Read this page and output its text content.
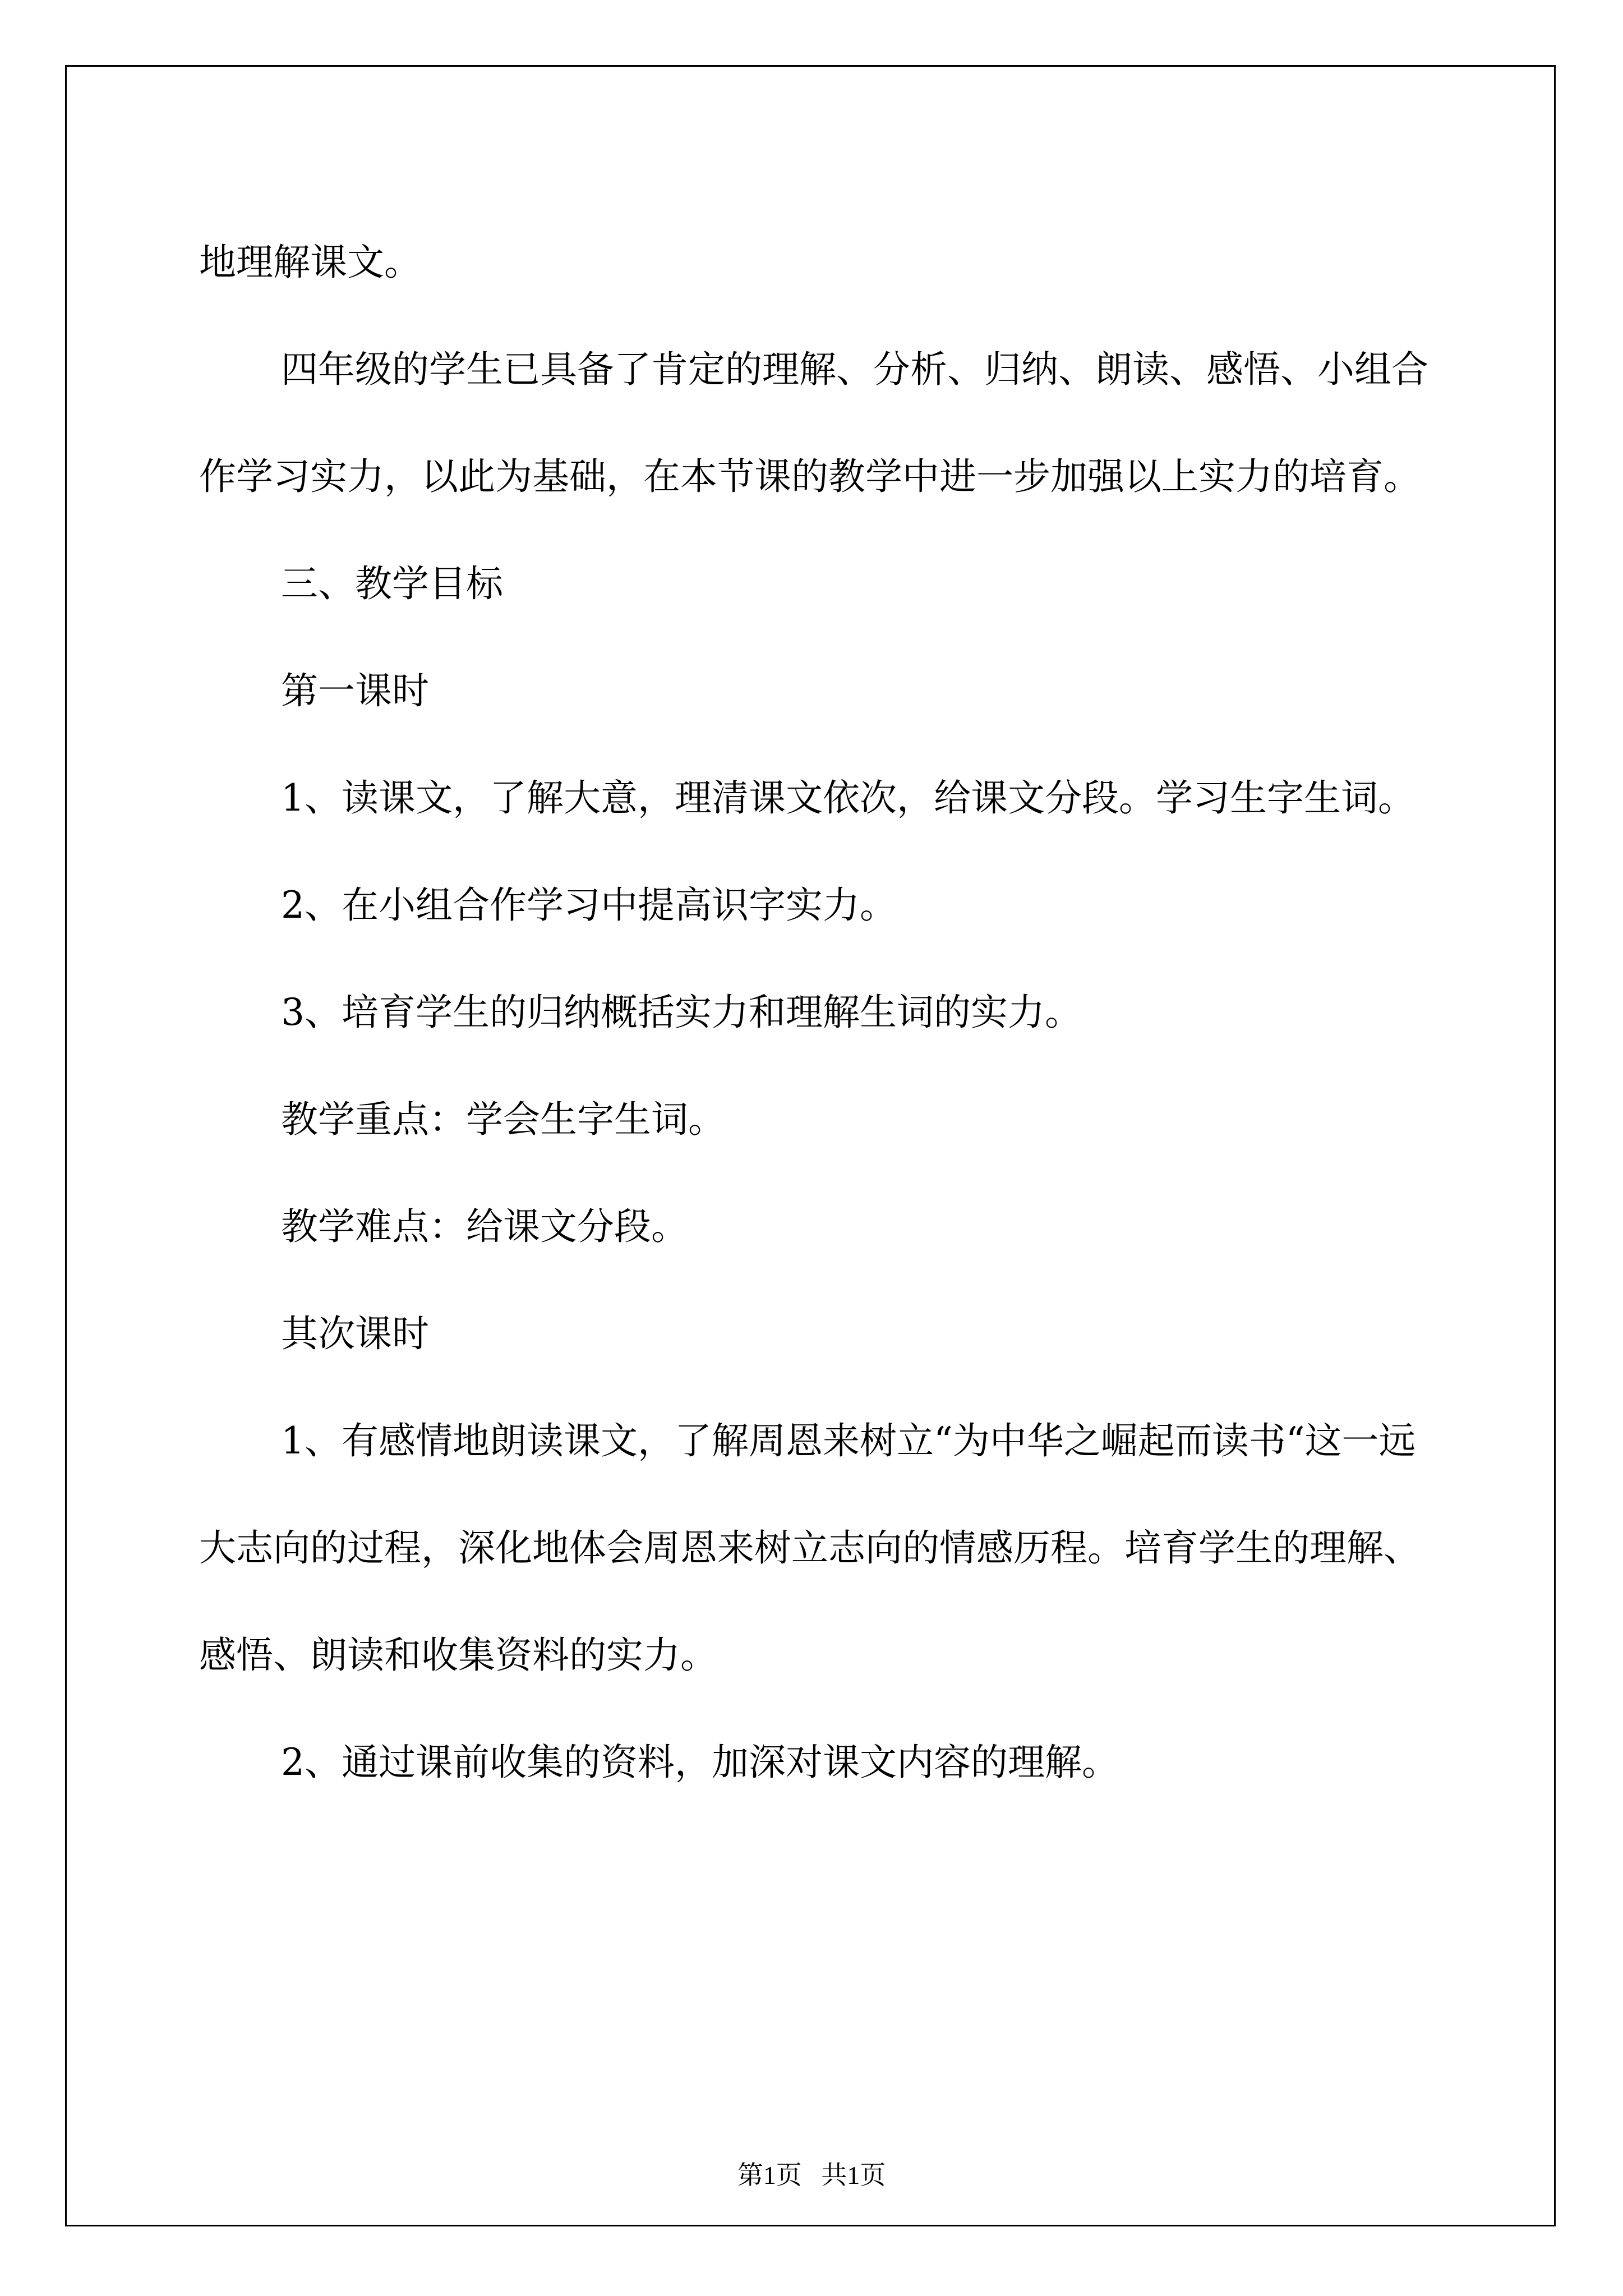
地理解课文。

四年级的学生已具备了肯定的理解、分析、归纳、朗读、感悟、小组合作学习实力，以此为基础，在本节课的教学中进一步加强以上实力的培育。

三、教学目标

第一课时

1、读课文，了解大意，理清课文依次，给课文分段。学习生字生词。

2、在小组合作学习中提高识字实力。

3、培育学生的归纳概括实力和理解生词的实力。

教学重点：学会生字生词。

教学难点：给课文分段。

其次课时

1、有感情地朗读课文，了解周恩来树立“为中华之崛起而读书“这一远大志向的过程，深化地体会周恩来树立志向的情感历程。培育学生的理解、感悟、朗读和收集资料的实力。

2、通过课前收集的资料，加深对课文内容的理解。

第1页 共1页
